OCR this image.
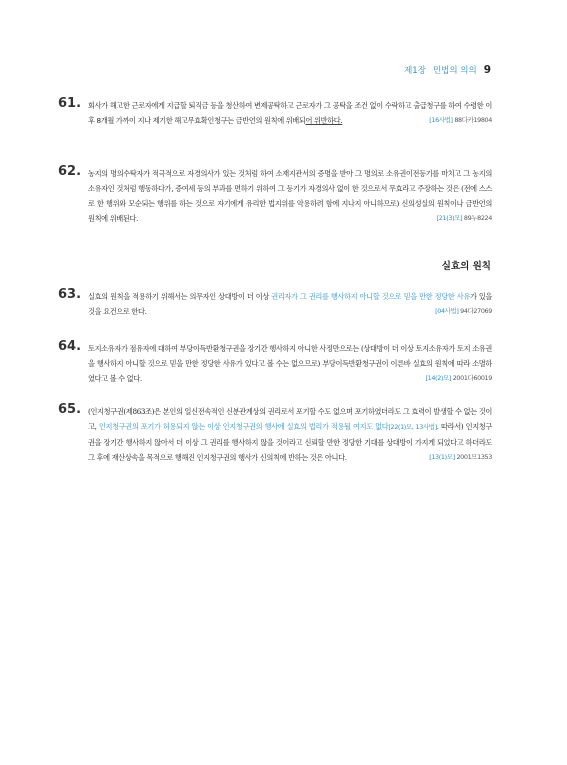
제1장 민법의 의의 9
61. 회사가 해고한 근로자에게 지급할 퇴직금 등을 청산하여 변제공탁하고 근로자가 그 공탁을 조건 없이 수락하고 출급청구를 하여 수령한 이후 8개월 가까이 지나 제기한 해고무효확인청구는 금반언의 원칙에 위배되어 위반하다.	[16사법] 88다카19804
62. 농지의 명의수탁자가 적극적으로 자경의사가 있는 것처럼 하여 소재지관서의 증명을 받아 그 명의로 소유권이전등기를 마치고 그 농지의 소유자인 것처럼 행동하다가, 증여세 등의 부과를 면하기 위하여 그 등기가 자경의사 없이 한 것으로서 무효라고 주장하는 것은 (전에 스스로 한 행위와 모순되는 행위를 하는 것으로 자기에게 유리한 법지위를 악용하려 함에 지나지 아니하므로) 신의성실의 원칙이나 금반언의 원칙에 위배된다.	[21(3)모] 89누8224
실효의 원칙
63. 실효의 원칙을 적용하기 위해서는 의무자인 상대방이 더 이상 권리자가 그 권리를 행사하지 아니할 것으로 믿을 만한 정당한 사유가 있을 것을 요건으로 한다.	[04사법] 94다27069
64. 토지소유자가 점유자에 대하여 부당이득반환청구권을 장기간 행사하지 아니한 사정만으로는 (상대방이 더 이상 토지소유자가 토지 소유권을 행사하지 아니할 것으로 믿을 만한 정당한 사유가 있다고 볼 수는 없으므로) 부당이득반환청구권이 이른바 실효의 원칙에 따라 소멸하였다고 볼 수 없다.	[14(2)모] 2001다60019
65. (인지청구권(제863조)은 본인의 일신전속적인 신분관계상의 권리로서 포기할 수도 없으며 포기하였더라도 그 효력이 발생할 수 없는 것이고, 인지청구권의 포기가 허용되지 않는 이상 인지청구권의 행사에 실효의 법리가 적용될 여지도 없다[22(1)모, 13사법]. 따라서) 인지청구권을 장기간 행사하지 않아서 더 이상 그 권리를 행사하지 않을 것이라고 신뢰할 만한 정당한 기대를 상대방이 가지게 되었다고 하더라도 그 후에 재산상속을 목적으로 행해진 인지청구권의 행사가 신의칙에 반하는 것은 아니다.	[13(1)모] 2001므1353
